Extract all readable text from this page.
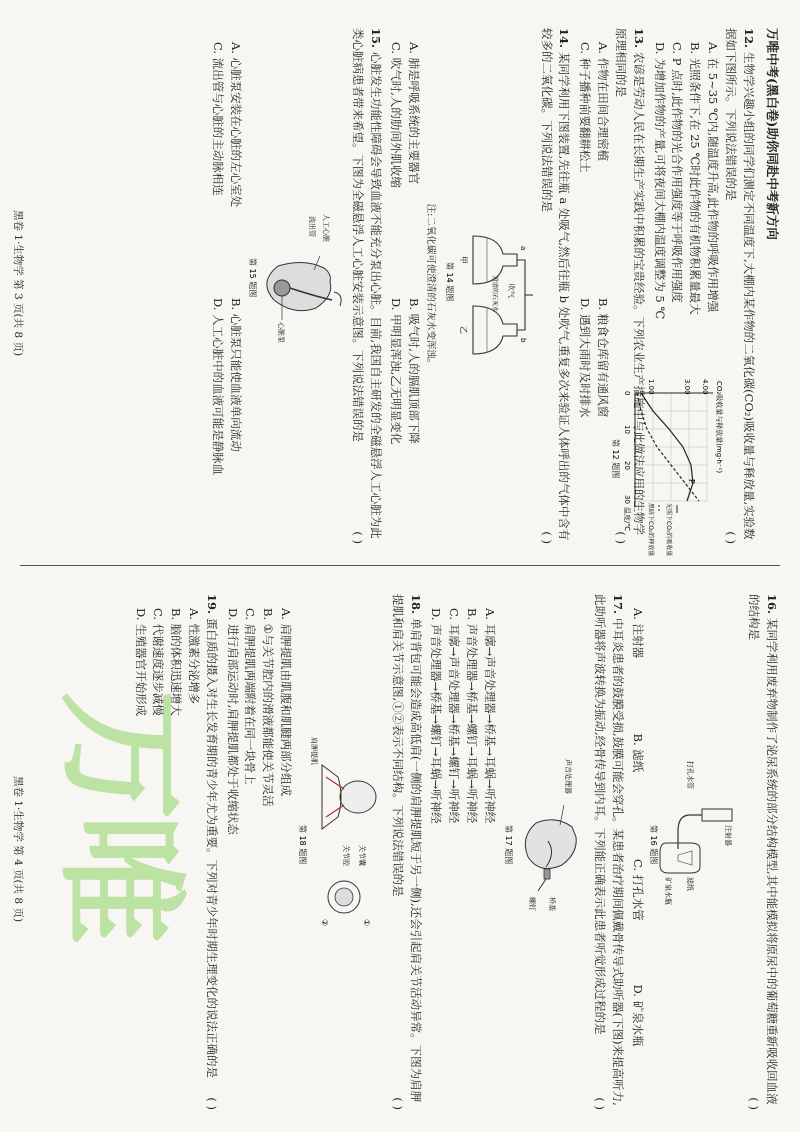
万唯中考(黑白卷)助你同赴中考新方向
12.生物学兴趣小组的同学们测定不同温度下,大棚内某作物的二氧化碳(CO₂)吸收量与释放量,实验数据如下图所示。下列说法错误的是
( )
A. 在 5~35 ℃内,随温度升高,此作物的呼吸作用增强
B. 光照条件下,在 25 ℃时此作物的有机物积累量最大
C. P 点时,此作物的光合作用强度等于呼吸作用强度
D. 为增加作物的产量,可将夜间大棚内温度调整为 5 ℃
P
CO₂吸收量与释放量(mg·h⁻¹)
1.00	3.00 4.00
0
10
20
30
温度/℃	光照下CO₂的吸收量
黑暗下CO₂的释放量
第 12 题图
13.农谚是劳动人民在长期生产实践中积累的宝贵经验。下列农业生产措施中与此做法应用的生物学原理相同的是
( )
A. 作物在田间合理密植
B. 粮食仓库留有通风窗
C. 种子播种前要翻耕松土
D. 遇到大雨时及时排水
14.某同学利用下图装置,先往瓶 a 处吸气,然后往瓶 b 处吹气,重复多次来验证人体呼出的气体中含有较多的二氧化碳。下列说法错误的是
( )
吹气
a
b
澄清的石灰水
甲
乙
第 14 题图
注:二氧化碳可使澄清的石灰水变浑浊。
A. 肺是呼吸系统的主要器官
B. 吸气时,人的膈肌顶部下降
C. 吹气时,人的肋间外肌收缩
D. 甲明显浑浊,乙无明显变化
15.心脏发生功能性障碍会导致血液不能充分泵出心脏。目前,我国自主研发的全磁悬浮人工心脏为此类心脏病患者带来希望。下图为全磁悬浮人工心脏安装示意图。下列说法错误的是
( )
人工心脏
流出管
心脏泵
第 15 题图
A. 心脏泵安装在心脏的左心室处
B. 心脏泵只能使血液单向流动
C. 流出管与心脏的主动脉相连
D. 人工心脏中的血液可能是静脉血
黑卷 1·生物学 第 3 页(共 8 页)
16.某同学利用废弃物制作了泌尿系统的部分结构模型,其中能模拟将原尿中的葡萄糖重新吸收回血液的结构是
( )
注射器
打孔水管
滤纸
矿泉水瓶
第 16 题图
A. 注射器
B. 滤纸
C. 打孔水管
D. 矿泉水瓶
17.中耳炎患者的鼓膜受损,鼓膜可能会穿孔。某患者治疗期间佩戴骨传导式助听器(下图)来提高听力,此助听器将声波转换为振动,经骨传导到内耳。下列能正确表示此患者听觉形成过程的是
( )
声音处理器
桥基
螺钉
第 17 题图
A. 耳廓→声音处理器→桥基→耳蜗→听神经
B. 声音处理器→桥基→螺钉→耳蜗→听神经
C. 耳廓→声音处理器→桥基→螺钉→听神经
D. 声音处理器→桥基→螺钉→耳蜗→听神经
18.单肩背包可能会造成高低肩(一侧的肩胛提肌短于另一侧),还会引起肩关节活动异常。下图为肩胛提肌和肩关节示意图,①②表示不同结构。下列说法错误的是
( )
肩胛提肌
关节囊
关节腔
①
②
第 18 题图
A. 肩胛提肌由肌腹和肌腱两部分组成
B. ①与关节腔内的滑液都能使关节灵活
C. 肩胛提肌两端附着在同一块骨上
D. 进行肩部运动时,肩胛提肌都处于收缩状态
19.蛋白质的摄入对生长发育期的青少年尤为重要。下列对青少年时期生理变化的说法正确的是
( )
A. 性激素分泌增多
B. 脑的体积迅速增大
C. 代谢速度逐步减慢
D. 生殖器官开始形成
黑卷 1·生物学 第 4 页(共 8 页) 万唯
